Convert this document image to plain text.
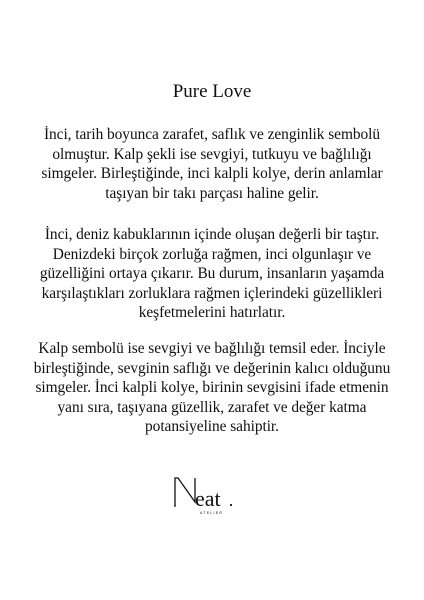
Pure Love

İnci, tarih boyunca zarafet, saflık ve zenginlik sembolü
olmuştur. Kalp şekli ise sevgiyi, tutkuyu ve bağlılığı
simgeler. Birleştiğinde, inci kalpli kolye, derin anlamlar
taşıyan bir takı parçası haline gelir.

İnci, deniz kabuklarının içinde oluşan değerli bir taştır.
Denizdeki birçok zorluğa rağmen, inci olgunlaşır ve
güzelliğini ortaya çıkarır. Bu durum, insanların yaşamda
karşılaştıkları zorluklara rağmen içlerindeki güzellikleri
keşfetmelerini hatırlatır.

Kalp sembolü ise sevgiyi ve bağlılığı temsil eder. İnciyle
birleştiğinde, sevginin saflığı ve değerinin kalıcı olduğunu
simgeler. İnci kalpli kolye, birinin sevgisini ifade etmenin
yanı sıra, taşıyana güzellik, zarafet ve değer katma
potansiyeline sahiptir.

eat
ATELIER
